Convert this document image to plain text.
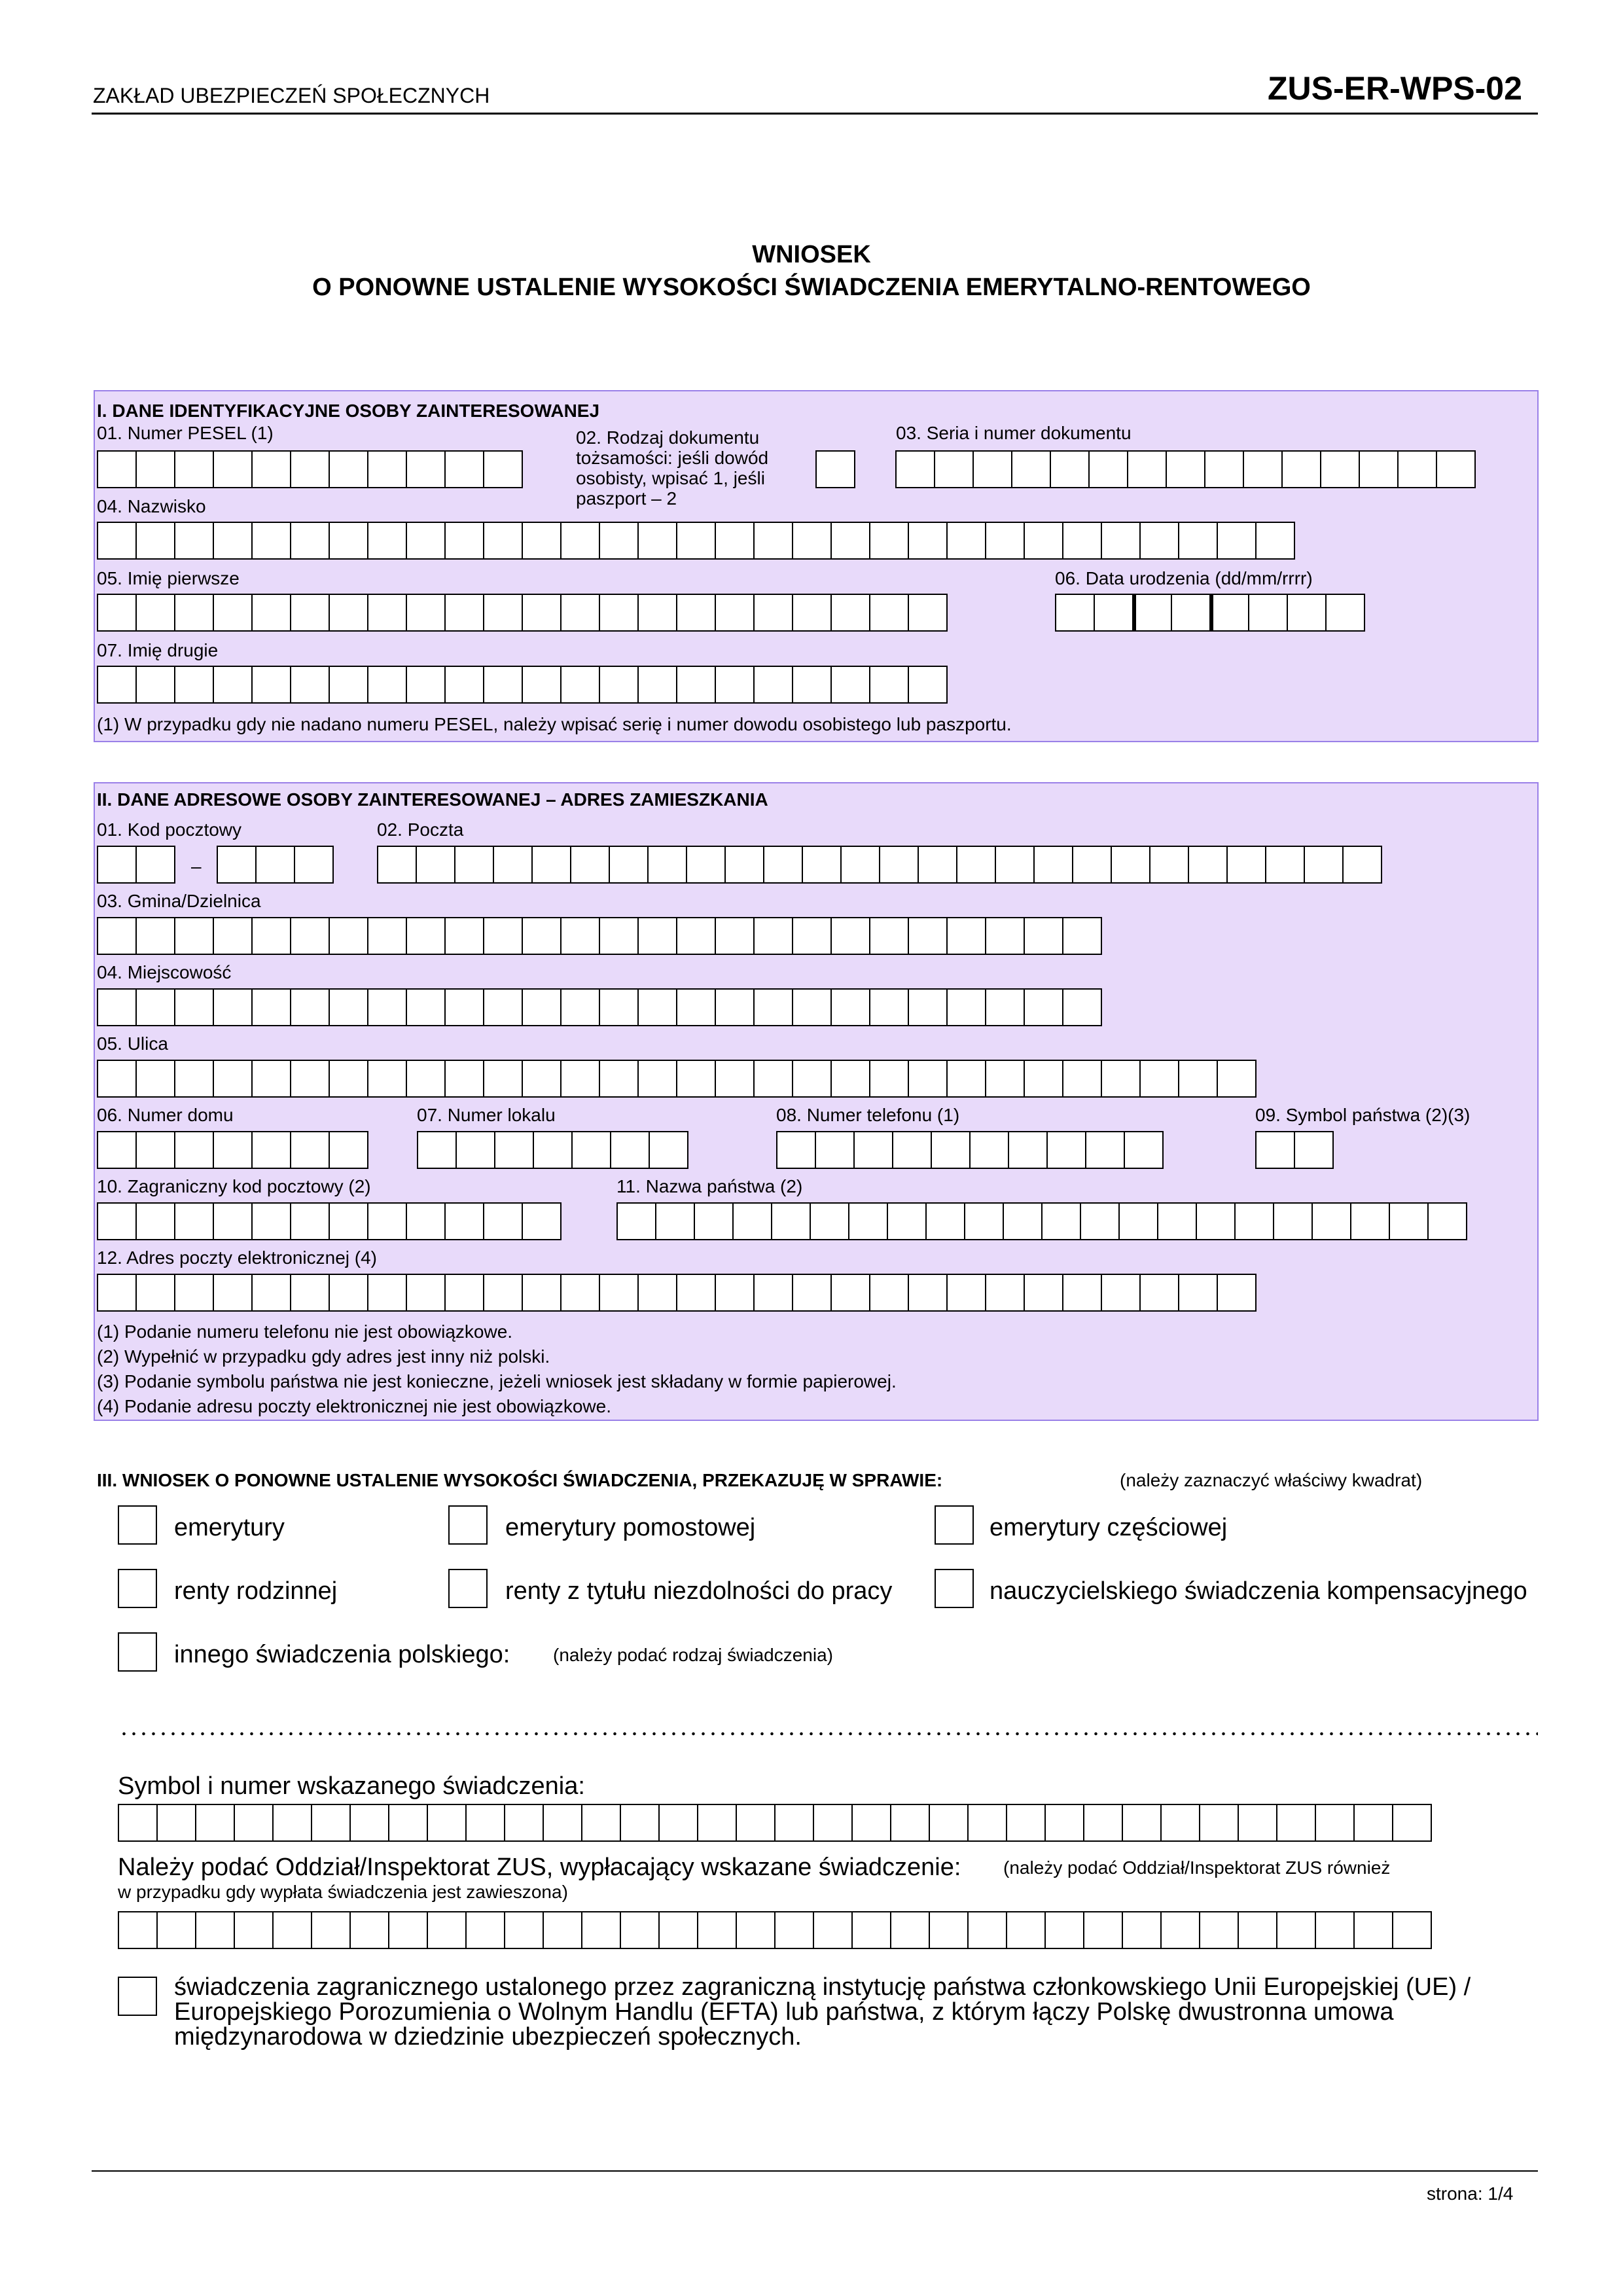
ZAKŁAD UBEZPIECZEŃ SPOŁECZNYCH	ZUS-ER-WPS-02
WNIOSEK
O PONOWNE USTALENIE WYSOKOŚCI ŚWIADCZENIA EMERYTALNO-RENTOWEGO
I. DANE IDENTYFIKACYJNE OSOBY ZAINTERESOWANEJ
01. Numer PESEL (1)	02. Rodzaj dokumentu
tożsamości: jeśli dowód
osobisty, wpisać 1, jeśli
paszport – 2
03. Seria i numer dokumentu
04. Nazwisko
05. Imię pierwsze	06. Data urodzenia (dd/mm/rrrr)
07. Imię drugie
(1) W przypadku gdy nie nadano numeru PESEL, należy wpisać serię i numer dowodu osobistego lub paszportu.
II. DANE ADRESOWE OSOBY ZAINTERESOWANEJ – ADRES ZAMIESZKANIA
01. Kod pocztowy
–
02. Poczta
03. Gmina/Dzielnica
04. Miejscowość
05. Ulica
06. Numer domu	07. Numer lokalu	08. Numer telefonu (1)	09. Symbol państwa (2)(3)
10. Zagraniczny kod pocztowy (2)	11. Nazwa państwa (2)
12. Adres poczty elektronicznej (4)
(1) Podanie numeru telefonu nie jest obowiązkowe.
(2) Wypełnić w przypadku gdy adres jest inny niż polski.
(3) Podanie symbolu państwa nie jest konieczne, jeżeli wniosek jest składany w formie papierowej.
(4) Podanie adresu poczty elektronicznej nie jest obowiązkowe.
III. WNIOSEK O PONOWNE USTALENIE WYSOKOŚCI ŚWIADCZENIA, PRZEKAZUJĘ W SPRAWIE:	(należy zaznaczyć właściwy kwadrat)
emerytury	emerytury pomostowej	emerytury częściowej
renty rodzinnej	renty z tytułu niezdolności do pracy	nauczycielskiego świadczenia kompensacyjnego
innego świadczenia polskiego: (należy podać rodzaj świadczenia)
Symbol i numer wskazanego świadczenia:
Należy podać Oddział/Inspektorat ZUS, wypłacający wskazane świadczenie: (należy podać Oddział/Inspektorat ZUS również
w przypadku gdy wypłata świadczenia jest zawieszona)
świadczenia zagranicznego ustalonego przez zagraniczną instytucję państwa członkowskiego Unii Europejskiej (UE) /
Europejskiego Porozumienia o Wolnym Handlu (EFTA) lub państwa, z którym łączy Polskę dwustronna umowa
międzynarodowa w dziedzinie ubezpieczeń społecznych.
strona: 1/4
